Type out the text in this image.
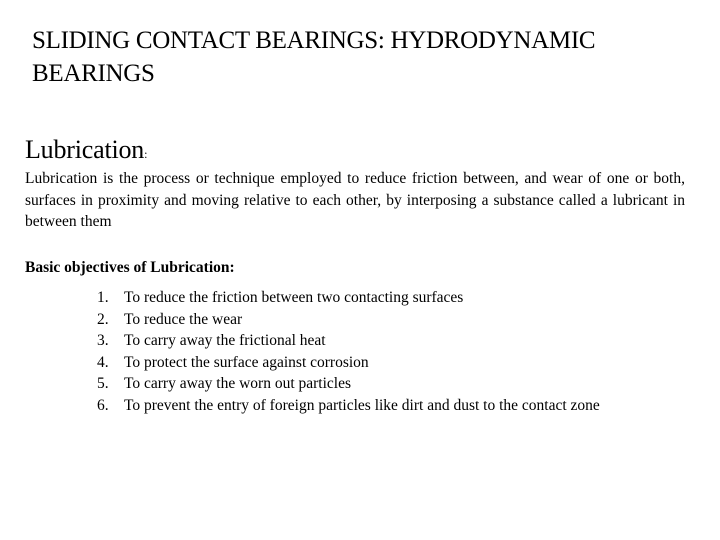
SLIDING CONTACT BEARINGS: HYDRODYNAMIC BEARINGS
Lubrication:
Lubrication is the process or technique employed to reduce friction between, and wear of one or both, surfaces in proximity and moving relative to each other, by interposing a substance called a lubricant in between them
Basic objectives of Lubrication:
1. To reduce the friction between two contacting surfaces
2. To reduce the wear
3. To carry away the frictional heat
4. To protect the surface against corrosion
5. To carry away the worn out particles
6. To prevent the entry of foreign particles like dirt and dust to the contact zone
